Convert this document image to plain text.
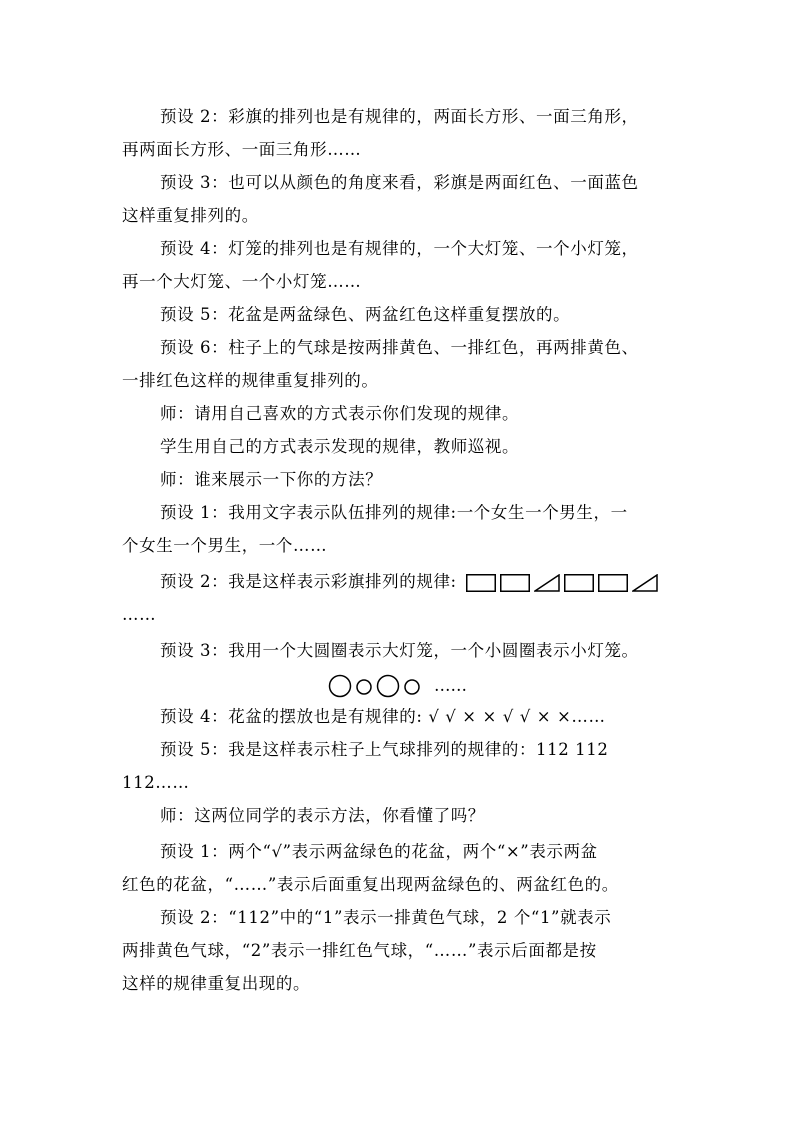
预设 2：彩旗的排列也是有规律的，两面长方形、一面三角形，
再两面长方形、一面三角形……
预设 3：也可以从颜色的角度来看，彩旗是两面红色、一面蓝色
这样重复排列的。
预设 4：灯笼的排列也是有规律的，一个大灯笼、一个小灯笼，
再一个大灯笼、一个小灯笼……
预设 5：花盆是两盆绿色、两盆红色这样重复摆放的。
预设 6：柱子上的气球是按两排黄色、一排红色，再两排黄色、
一排红色这样的规律重复排列的。
师：请用自己喜欢的方式表示你们发现的规律。
学生用自己的方式表示发现的规律，教师巡视。
师：谁来展示一下你的方法？
预设 1：我用文字表示队伍排列的规律:一个女生一个男生，一
个女生一个男生，一个……
预设 2：我是这样表示彩旗排列的规律:
……
预设 3：我用一个大圆圈表示大灯笼，一个小圆圈表示小灯笼。
……
预设 4：花盆的摆放也是有规律的: √ √ × × √ √ × ×……
预设 5：我是这样表示柱子上气球排列的规律的：112 112
112……
师：这两位同学的表示方法，你看懂了吗？
预设 1：两个“√”表示两盆绿色的花盆，两个“×”表示两盆
红色的花盆，“……”表示后面重复出现两盆绿色的、两盆红色的。
预设 2：“112”中的“1”表示一排黄色气球，2 个“1”就表示
两排黄色气球，“2”表示一排红色气球，“……”表示后面都是按
这样的规律重复出现的。
